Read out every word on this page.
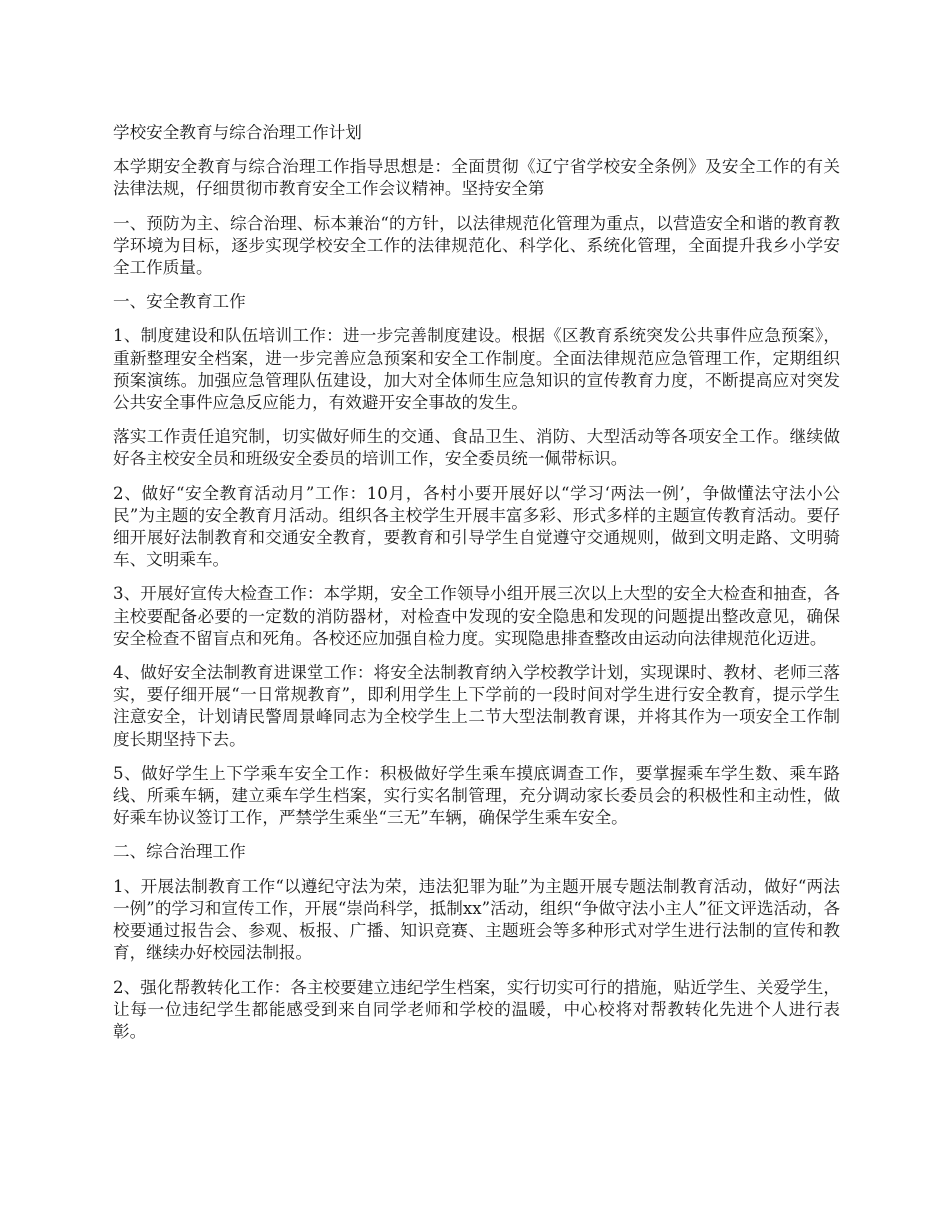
学校安全教育与综合治理工作计划

本学期安全教育与综合治理工作指导思想是：全面贯彻《辽宁省学校安全条例》及安全工作的有关法律法规，仔细贯彻市教育安全工作会议精神。坚持安全第

一、预防为主、综合治理、标本兼治“的方针，以法律规范化管理为重点，以营造安全和谐的教育教学环境为目标，逐步实现学校安全工作的法律规范化、科学化、系统化管理，全面提升我乡小学安全工作质量。

一、安全教育工作

1、制度建设和队伍培训工作：进一步完善制度建设。根据《区教育系统突发公共事件应急预案》，重新整理安全档案，进一步完善应急预案和安全工作制度。全面法律规范应急管理工作，定期组织预案演练。加强应急管理队伍建设，加大对全体师生应急知识的宣传教育力度，不断提高应对突发公共安全事件应急反应能力，有效避开安全事故的发生。

落实工作责任追究制，切实做好师生的交通、食品卫生、消防、大型活动等各项安全工作。继续做好各主校安全员和班级安全委员的培训工作，安全委员统一佩带标识。

2、做好“安全教育活动月”工作：10月，各村小要开展好以“学习‘两法一例’，争做懂法守法小公民”为主题的安全教育月活动。组织各主校学生开展丰富多彩、形式多样的主题宣传教育活动。要仔细开展好法制教育和交通安全教育，要教育和引导学生自觉遵守交通规则，做到文明走路、文明骑车、文明乘车。

3、开展好宣传大检查工作：本学期，安全工作领导小组开展三次以上大型的安全大检查和抽查，各主校要配备必要的一定数的消防器材，对检查中发现的安全隐患和发现的问题提出整改意见，确保安全检查不留盲点和死角。各校还应加强自检力度。实现隐患排查整改由运动向法律规范化迈进。

4、做好安全法制教育进课堂工作：将安全法制教育纳入学校教学计划，实现课时、教材、老师三落实，要仔细开展“一日常规教育”，即利用学生上下学前的一段时间对学生进行安全教育，提示学生注意安全，计划请民警周景峰同志为全校学生上二节大型法制教育课，并将其作为一项安全工作制度长期坚持下去。

5、做好学生上下学乘车安全工作：积极做好学生乘车摸底调查工作，要掌握乘车学生数、乘车路线、所乘车辆，建立乘车学生档案，实行实名制管理，充分调动家长委员会的积极性和主动性，做好乘车协议签订工作，严禁学生乘坐“三无”车辆，确保学生乘车安全。

二、综合治理工作

1、开展法制教育工作“以遵纪守法为荣，违法犯罪为耻”为主题开展专题法制教育活动，做好“两法一例”的学习和宣传工作，开展“崇尚科学，抵制xx”活动，组织“争做守法小主人”征文评选活动，各校要通过报告会、参观、板报、广播、知识竞赛、主题班会等多种形式对学生进行法制的宣传和教育，继续办好校园法制报。

2、强化帮教转化工作：各主校要建立违纪学生档案，实行切实可行的措施，贴近学生、关爱学生，让每一位违纪学生都能感受到来自同学老师和学校的温暖，中心校将对帮教转化先进个人进行表彰。
